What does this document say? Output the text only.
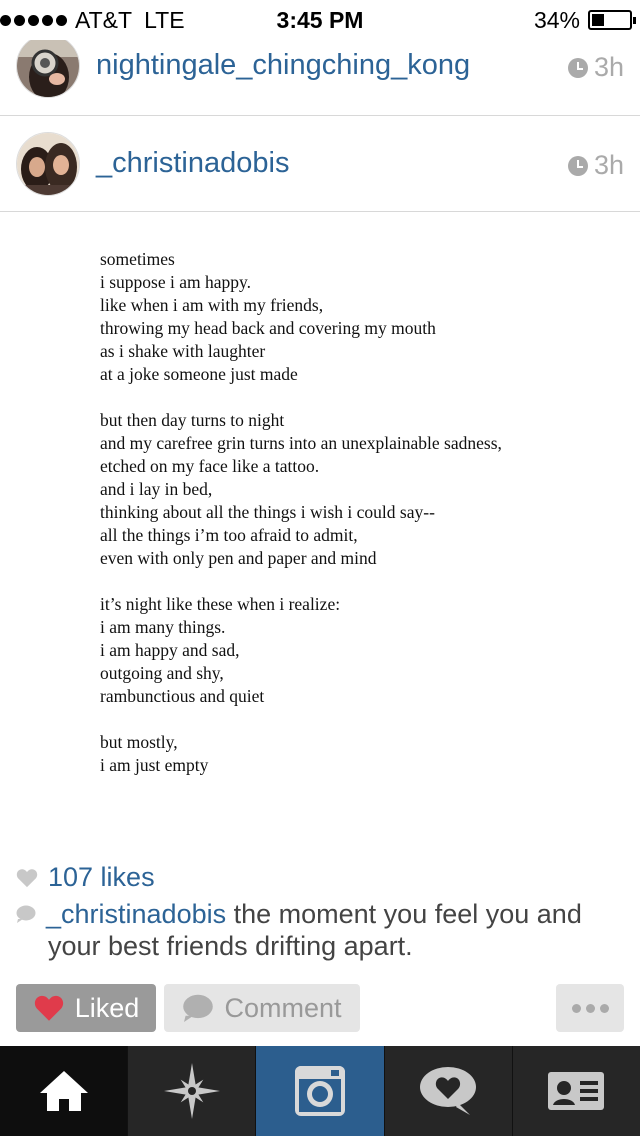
AT&T LTE	3:45 PM	34%
nightingale_chingching_kong	3h
_christinadobis	3h
sometimes
i suppose i am happy.
like when i am with my friends,
throwing my head back and covering my mouth
as i shake with laughter
at a joke someone just made

but then day turns to night
and my carefree grin turns into an unexplainable sadness,
etched on my face like a tattoo.
and i lay in bed,
thinking about all the things i wish i could say--
all the things i’m too afraid to admit,
even with only pen and paper and mind

it’s night like these when i realize:
i am many things.
i am happy and sad,
outgoing and shy,
rambunctious and quiet

but mostly,
i am just empty
107 likes
_christinadobis the moment you feel you and
your best friends drifting apart.
Liked	Comment
